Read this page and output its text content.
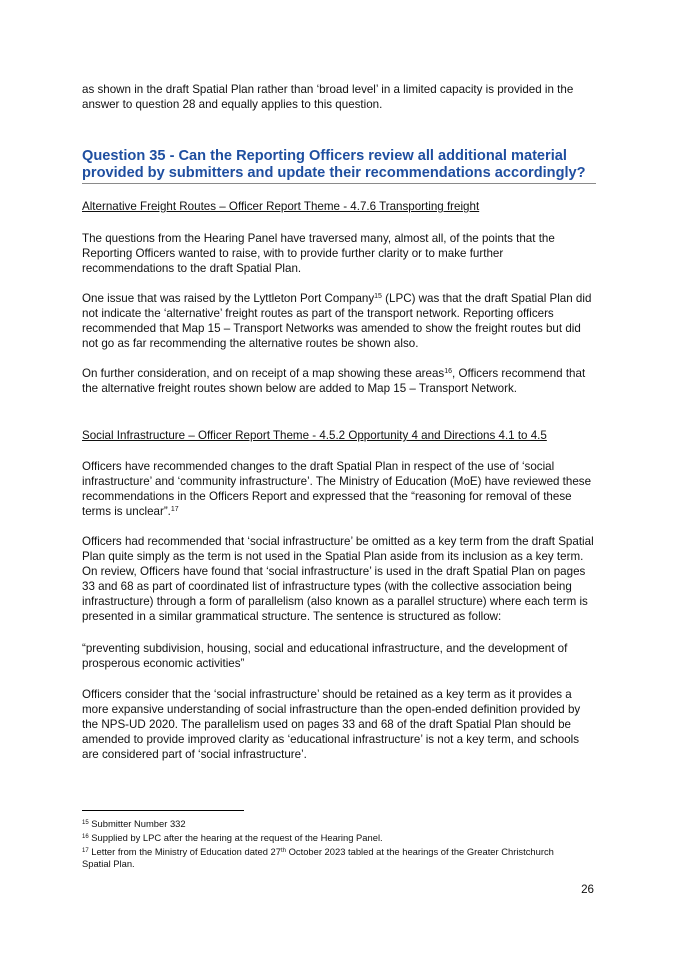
as shown in the draft Spatial Plan rather than ‘broad level’ in a limited capacity is provided in the answer to question 28 and equally applies to this question.

Question 35 - Can the Reporting Officers review all additional material provided by submitters and update their recommendations accordingly?

Alternative Freight Routes – Officer Report Theme - 4.7.6 Transporting freight

The questions from the Hearing Panel have traversed many, almost all, of the points that the Reporting Officers wanted to raise, with to provide further clarity or to make further recommendations to the draft Spatial Plan.

One issue that was raised by the Lyttleton Port Company$^{15}$ (LPC) was that the draft Spatial Plan did not indicate the ‘alternative’ freight routes as part of the transport network. Reporting officers recommended that Map 15 – Transport Networks was amended to show the freight routes but did not go as far recommending the alternative routes be shown also.

On further consideration, and on receipt of a map showing these areas$^{16}$, Officers recommend that the alternative freight routes shown below are added to Map 15 – Transport Network.

Social Infrastructure – Officer Report Theme - 4.5.2 Opportunity 4 and Directions 4.1 to 4.5

Officers have recommended changes to the draft Spatial Plan in respect of the use of ‘social infrastructure’ and ‘community infrastructure’. The Ministry of Education (MoE) have reviewed these recommendations in the Officers Report and expressed that the “reasoning for removal of these terms is unclear”.$^{17}$

Officers had recommended that ‘social infrastructure’ be omitted as a key term from the draft Spatial Plan quite simply as the term is not used in the Spatial Plan aside from its inclusion as a key term. On review, Officers have found that ‘social infrastructure’ is used in the draft Spatial Plan on pages 33 and 68 as part of coordinated list of infrastructure types (with the collective association being infrastructure) through a form of parallelism (also known as a parallel structure) where each term is presented in a similar grammatical structure. The sentence is structured as follow:

“preventing subdivision, housing, social and educational infrastructure, and the development of prosperous economic activities”

Officers consider that the ‘social infrastructure’ should be retained as a key term as it provides a more expansive understanding of social infrastructure than the open-ended definition provided by the NPS-UD 2020. The parallelism used on pages 33 and 68 of the draft Spatial Plan should be amended to provide improved clarity as ‘educational infrastructure’ is not a key term, and schools are considered part of ‘social infrastructure’.

$^{15}$ Submitter Number 332

$^{16}$ Supplied by LPC after the hearing at the request of the Hearing Panel.

$^{17}$ Letter from the Ministry of Education dated 27th October 2023 tabled at the hearings of the Greater Christchurch Spatial Plan.

26
